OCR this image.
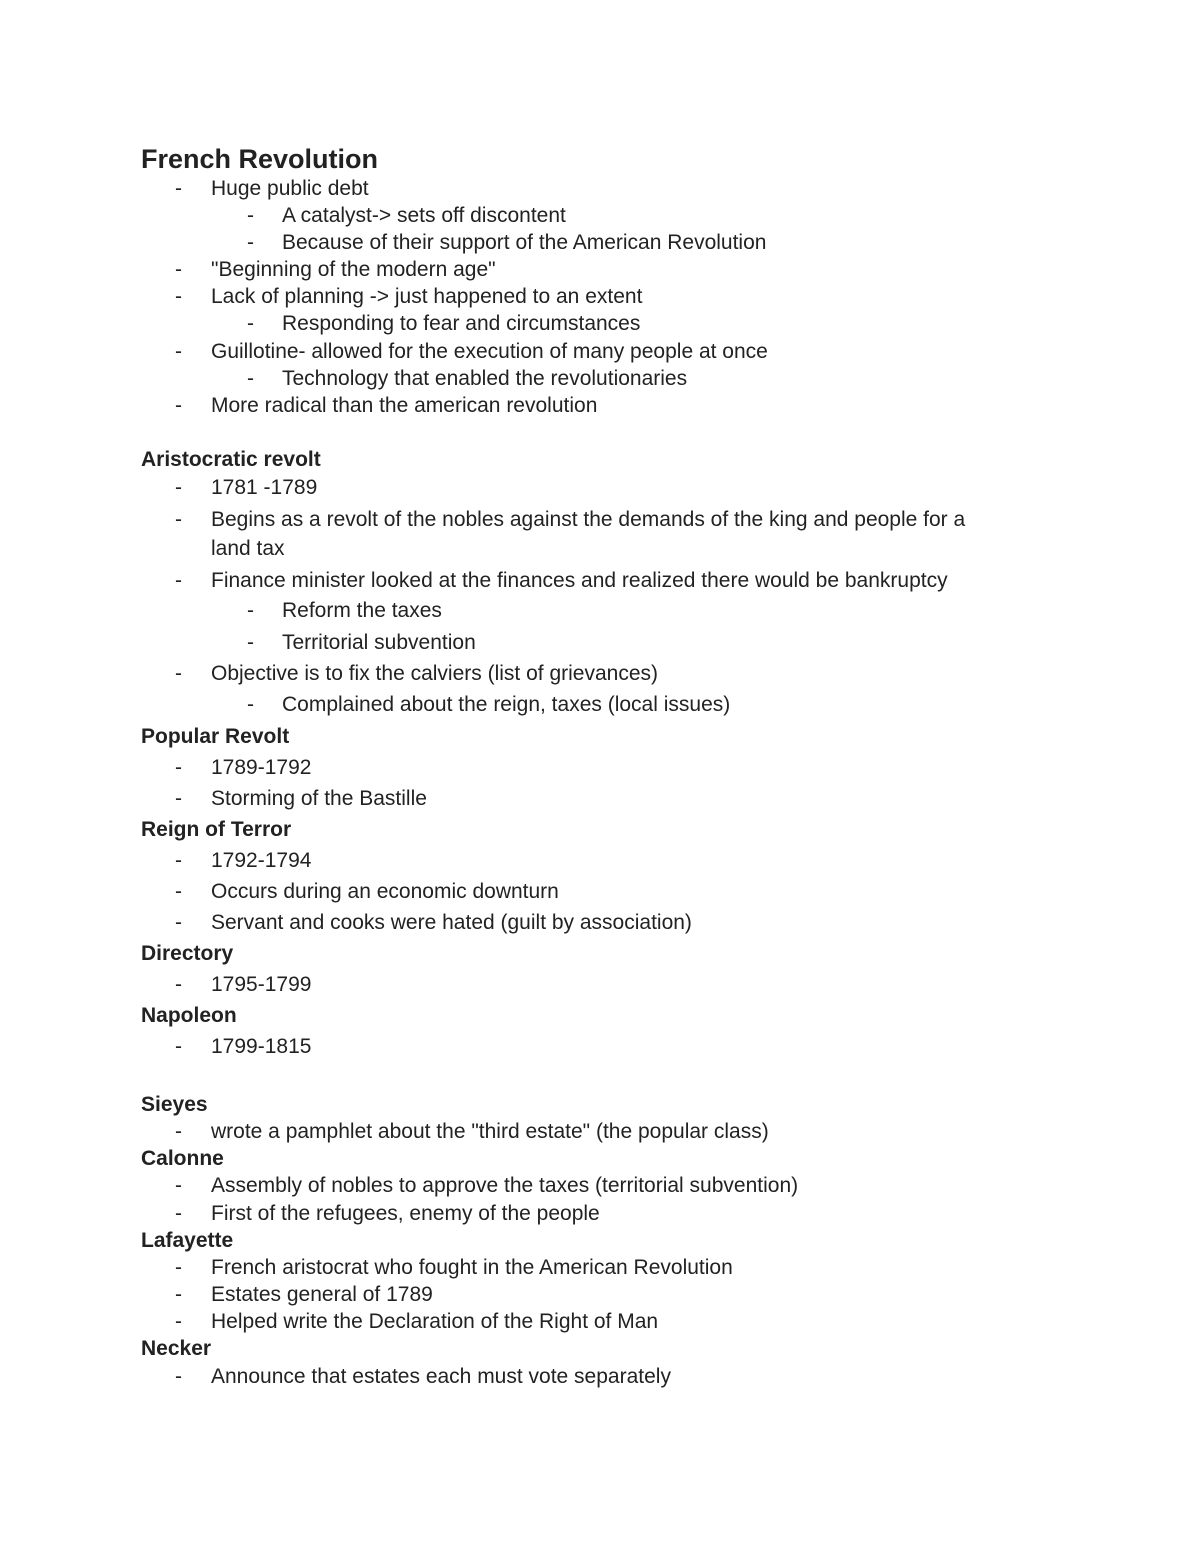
French Revolution
- Huge public debt
- A catalyst-> sets off discontent
- Because of their support of the American Revolution
- "Beginning of the modern age"
- Lack of planning -> just happened to an extent
- Responding to fear and circumstances
- Guillotine- allowed for the execution of many people at once
- Technology that enabled the revolutionaries
- More radical than the american revolution
Aristocratic revolt
- 1781 -1789
- Begins as a revolt of the nobles against the demands of the king and people for a
land tax
- Finance minister looked at the finances and realized there would be bankruptcy
- Reform the taxes
- Territorial subvention
- Objective is to fix the calviers (list of grievances)
- Complained about the reign, taxes (local issues)
Popular Revolt
- 1789-1792
- Storming of the Bastille
Reign of Terror
- 1792-1794
- Occurs during an economic downturn
- Servant and cooks were hated (guilt by association)
Directory
- 1795-1799
Napoleon
- 1799-1815
Sieyes
- wrote a pamphlet about the "third estate" (the popular class)
Calonne
- Assembly of nobles to approve the taxes (territorial subvention)
- First of the refugees, enemy of the people
Lafayette
- French aristocrat who fought in the American Revolution
- Estates general of 1789
- Helped write the Declaration of the Right of Man
Necker
- Announce that estates each must vote separately
